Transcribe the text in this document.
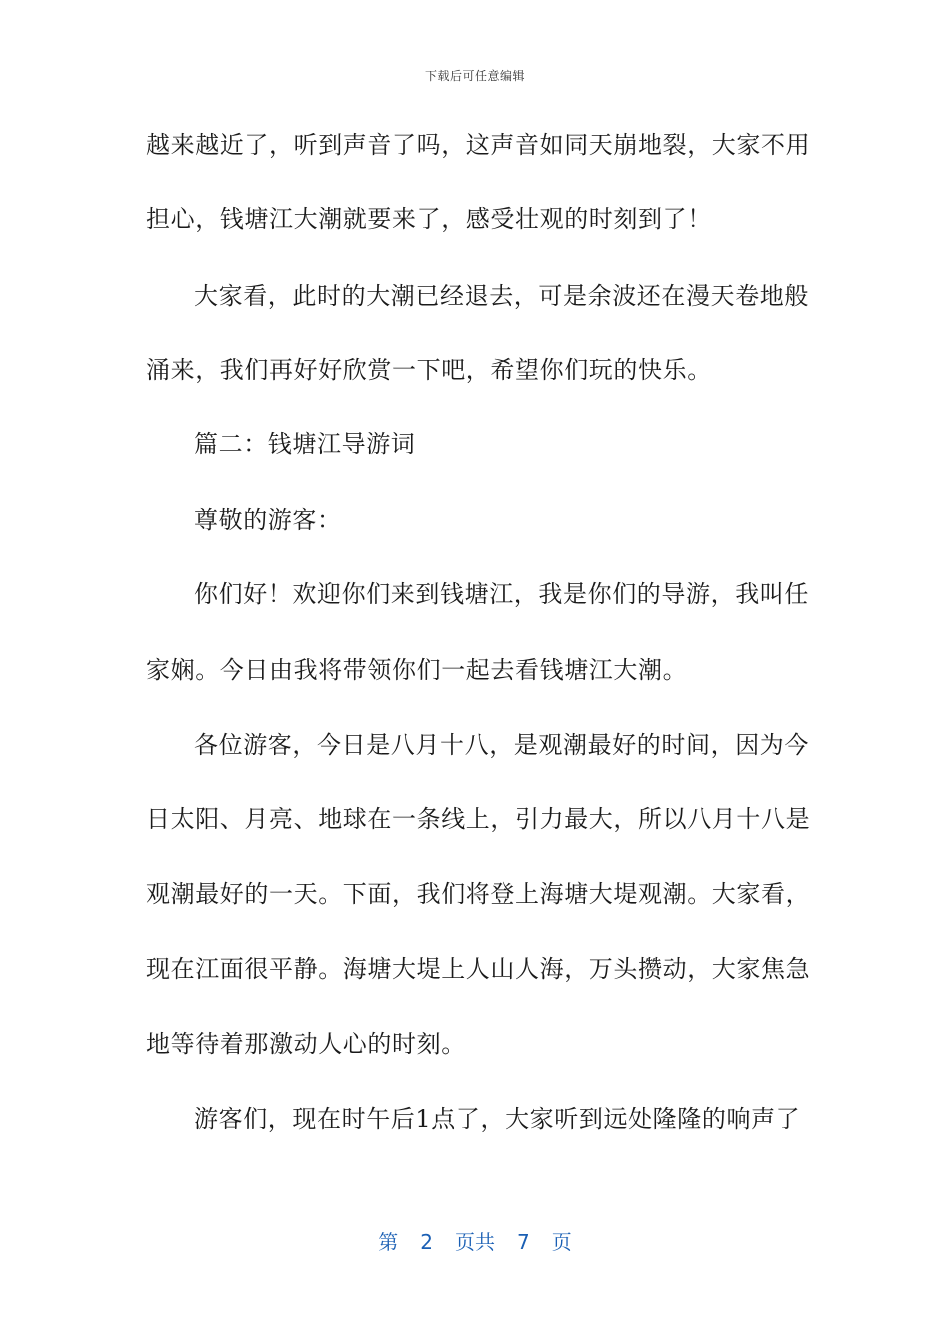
下载后可任意编辑
越来越近了，听到声音了吗，这声音如同天崩地裂，大家不用
担心，钱塘江大潮就要来了，感受壮观的时刻到了！
大家看，此时的大潮已经退去，可是余波还在漫天卷地般
涌来，我们再好好欣赏一下吧，希望你们玩的快乐。
篇二：钱塘江导游词
尊敬的游客：
你们好！欢迎你们来到钱塘江，我是你们的导游，我叫任
家娴。今日由我将带领你们一起去看钱塘江大潮。
各位游客，今日是八月十八，是观潮最好的时间，因为今
日太阳、月亮、地球在一条线上，引力最大，所以八月十八是
观潮最好的一天。下面，我们将登上海塘大堤观潮。大家看，
现在江面很平静。海塘大堤上人山人海，万头攒动，大家焦急
地等待着那激动人心的时刻。
游客们，现在时午后1点了，大家听到远处隆隆的响声了
第 2 页共 7 页
